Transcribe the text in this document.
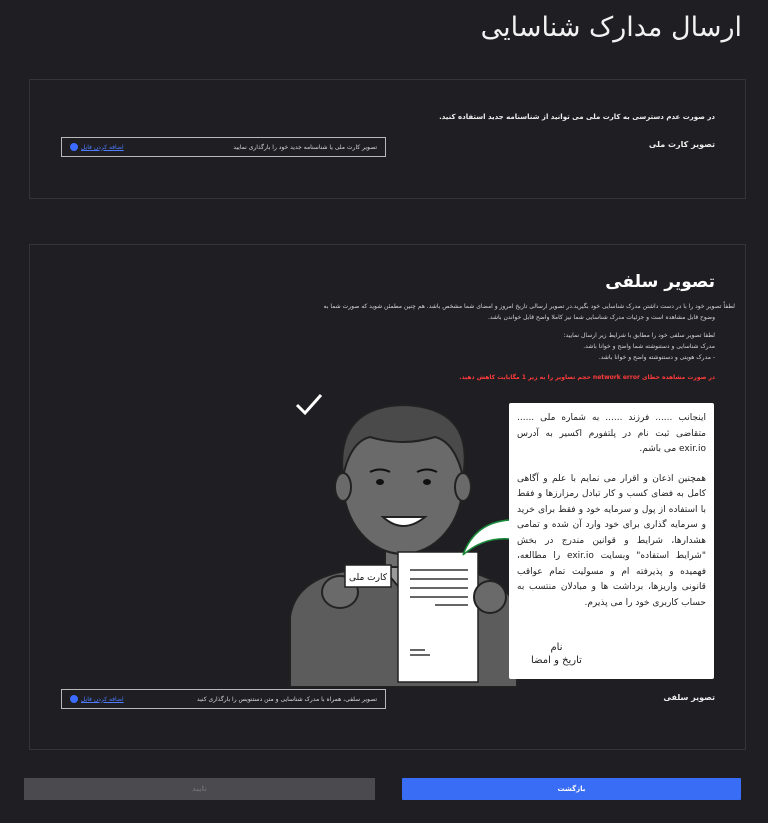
ارسال مدارک شناسایی
در صورت عدم دسترسی به کارت ملی می توانید از شناسنامه جدید استفاده کنید.
تصویر کارت ملی
تصویر کارت ملی یا شناسنامه جدید خود را بارگذاری نمایید
اضافه کردن فایل
تصویر سلفی
لطفاً تصویر خود را با در دست داشتن مدرک شناسایی خود بگیرید.در تصویر ارسالی تاریخ امروز و امضای شما مشخص باشد. هم چنین مطمئن شوید که صورت شما به
وضوح قابل مشاهده است و جزئیات مدرک شناسایی شما نیز کاملا واضح قابل خواندن باشد.
لطفا تصویر سلفی خود را مطابق با شرایط زیر ارسال نمایید:
مدرک شناسایی و دستنوشته شما واضح و خوانا باشد.
- مدرک هویتی و دستنوشته واضح و خوانا باشد.
در صورت مشاهده خطای network error حجم تصاویر را به زیر 1 مگابایت کاهش دهید.
کارت ملی

اینجانب ...... فرزند ...... به شماره ملی ...... متقاضی ثبت نام در پلتفورم اکسیر به آدرس exir.io می باشم.

همچنین اذعان و اقرار می نمایم با علم و آگاهی کامل به فضای کسب و کار تبادل رمزارزها و فقط با استفاده از پول و سرمایه خود و فقط برای خرید و سرمایه گذاری برای خود وارد آن شده و تمامی هشدارها، شرایط و قوانین مندرج در بخش "شرایط استفاده" وبسایت exir.io را مطالعه، فهمیده و پذیرفته ام و مسولیت تمام عواقب قانونی واریزها، برداشت ها و مبادلان منتسب به حساب کاربری خود را می پذیرم.

نام
تاریخ و امضا
تصویر سلفی
تصویر سلفی، همراه با مدرک شناسایی و متن دستنویس را بارگذاری کنید
اضافه کردن فایل
تایید	بازگشت
